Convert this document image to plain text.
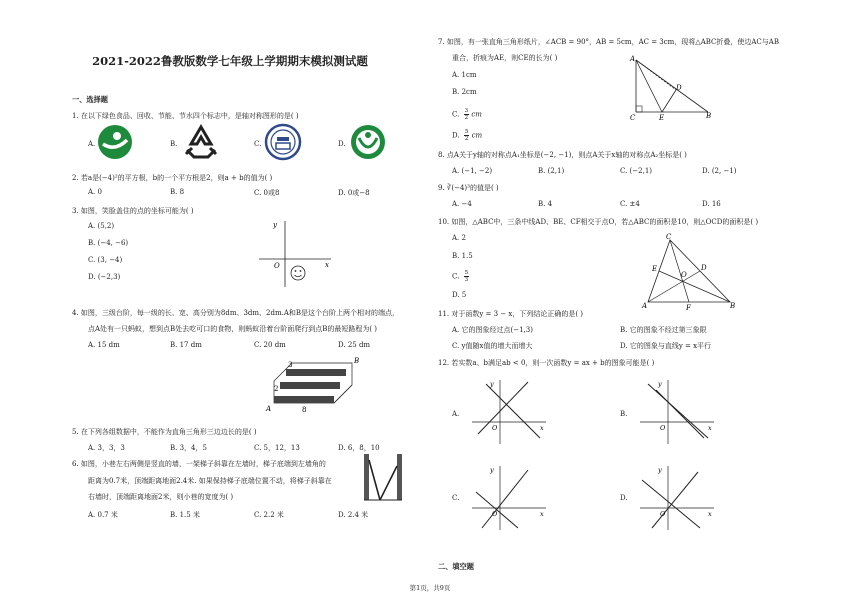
2021-2022鲁教版数学七年级上学期期末模拟测试题
一、选择题
1. 在以下绿色食品、回收、节能、节水四个标志中，是轴对称图形的是( )
A.	B.	C.	D.
2. 若a是(−4)²的平方根，b的一个平方根是2，则a + b的值为( )
A. 0	B. 8	C. 0或8	D. 0或−8
3. 如图，笑脸盖住的点的坐标可能为( )
A. (5,2)
B. (−4, −6)
C. (3, −4)
D. (−2,3)
y
x
O
4. 如图，三级台阶，每一级的长、宽、高分别为8dm、3dm、2dm.A和B是这个台阶上两个相对的端点，
点A处有一只蚂蚁，想到点B处去吃可口的食物，则蚂蚁沿着台阶面爬行到点B的最短路程为( )
A. 15 dm	B. 17 dm	C. 20 dm	D. 25 dm
A
B
3
2
8
5. 在下列各组数据中，不能作为直角三角形三边边长的是( )
A. 3，3，3	B. 3，4，5	C. 5，12，13	D. 6，8，10
6. 如图，小巷左右两侧是竖直的墙，一架梯子斜靠在左墙时，梯子底端到左墙角的
距离为0.7米，顶端距离地面2.4米. 如果保持梯子底端位置不动，将梯子斜靠在
右墙时，顶端距离地面2米，则小巷的宽度为( )
A. 0.7 米	B. 1.5 米	C. 2.2 米	D. 2.4 米
7. 如图，有一张直角三角形纸片，∠ACB = 90°，AB = 5cm，AC = 3cm，现将△ABC折叠，使边AC与AB
重合，折痕为AE，则CE的长为( )
A. 1cm
B. 2cm
C. $\frac{3}{2}$ cm
D. $\frac{5}{2}$ cm
A
C	E	B
D
8. 点A关于y轴的对称点A₁坐标是(−2, −1)，则点A关于x轴的对称点A₂坐标是( )
A. (−1, −2)	B. (2,1)	C. (−2,1)	D. (2, −1)
9. ∛(−4)³的值是( )
A. −4	B. 4	C. ±4	D. 16
10. 如图，△ABC中，三条中线AD、BE、CF相交于点O，若△ABC的面积是10，则△OCD的面积是( )
A. 2
B. 1.5
C. $\frac{5}{3}$
D. 5
C
E	D
O
A	F	B
11. 对于函数y = 3 − x，下列结论正确的是( )
A. 它的图象经过点(−1,3)	B. 它的图象不经过第三象限
C. y值随x值的增大而增大	D. 它的图象与直线y = x平行
12. 若实数a、b满足ab < 0，则一次函数y = ax + b的图象可能是( )
A.
y
x
O
B.
y
x
O
C.
y
x
O
D.
y
x
O
二、填空题
第1页，共9页
